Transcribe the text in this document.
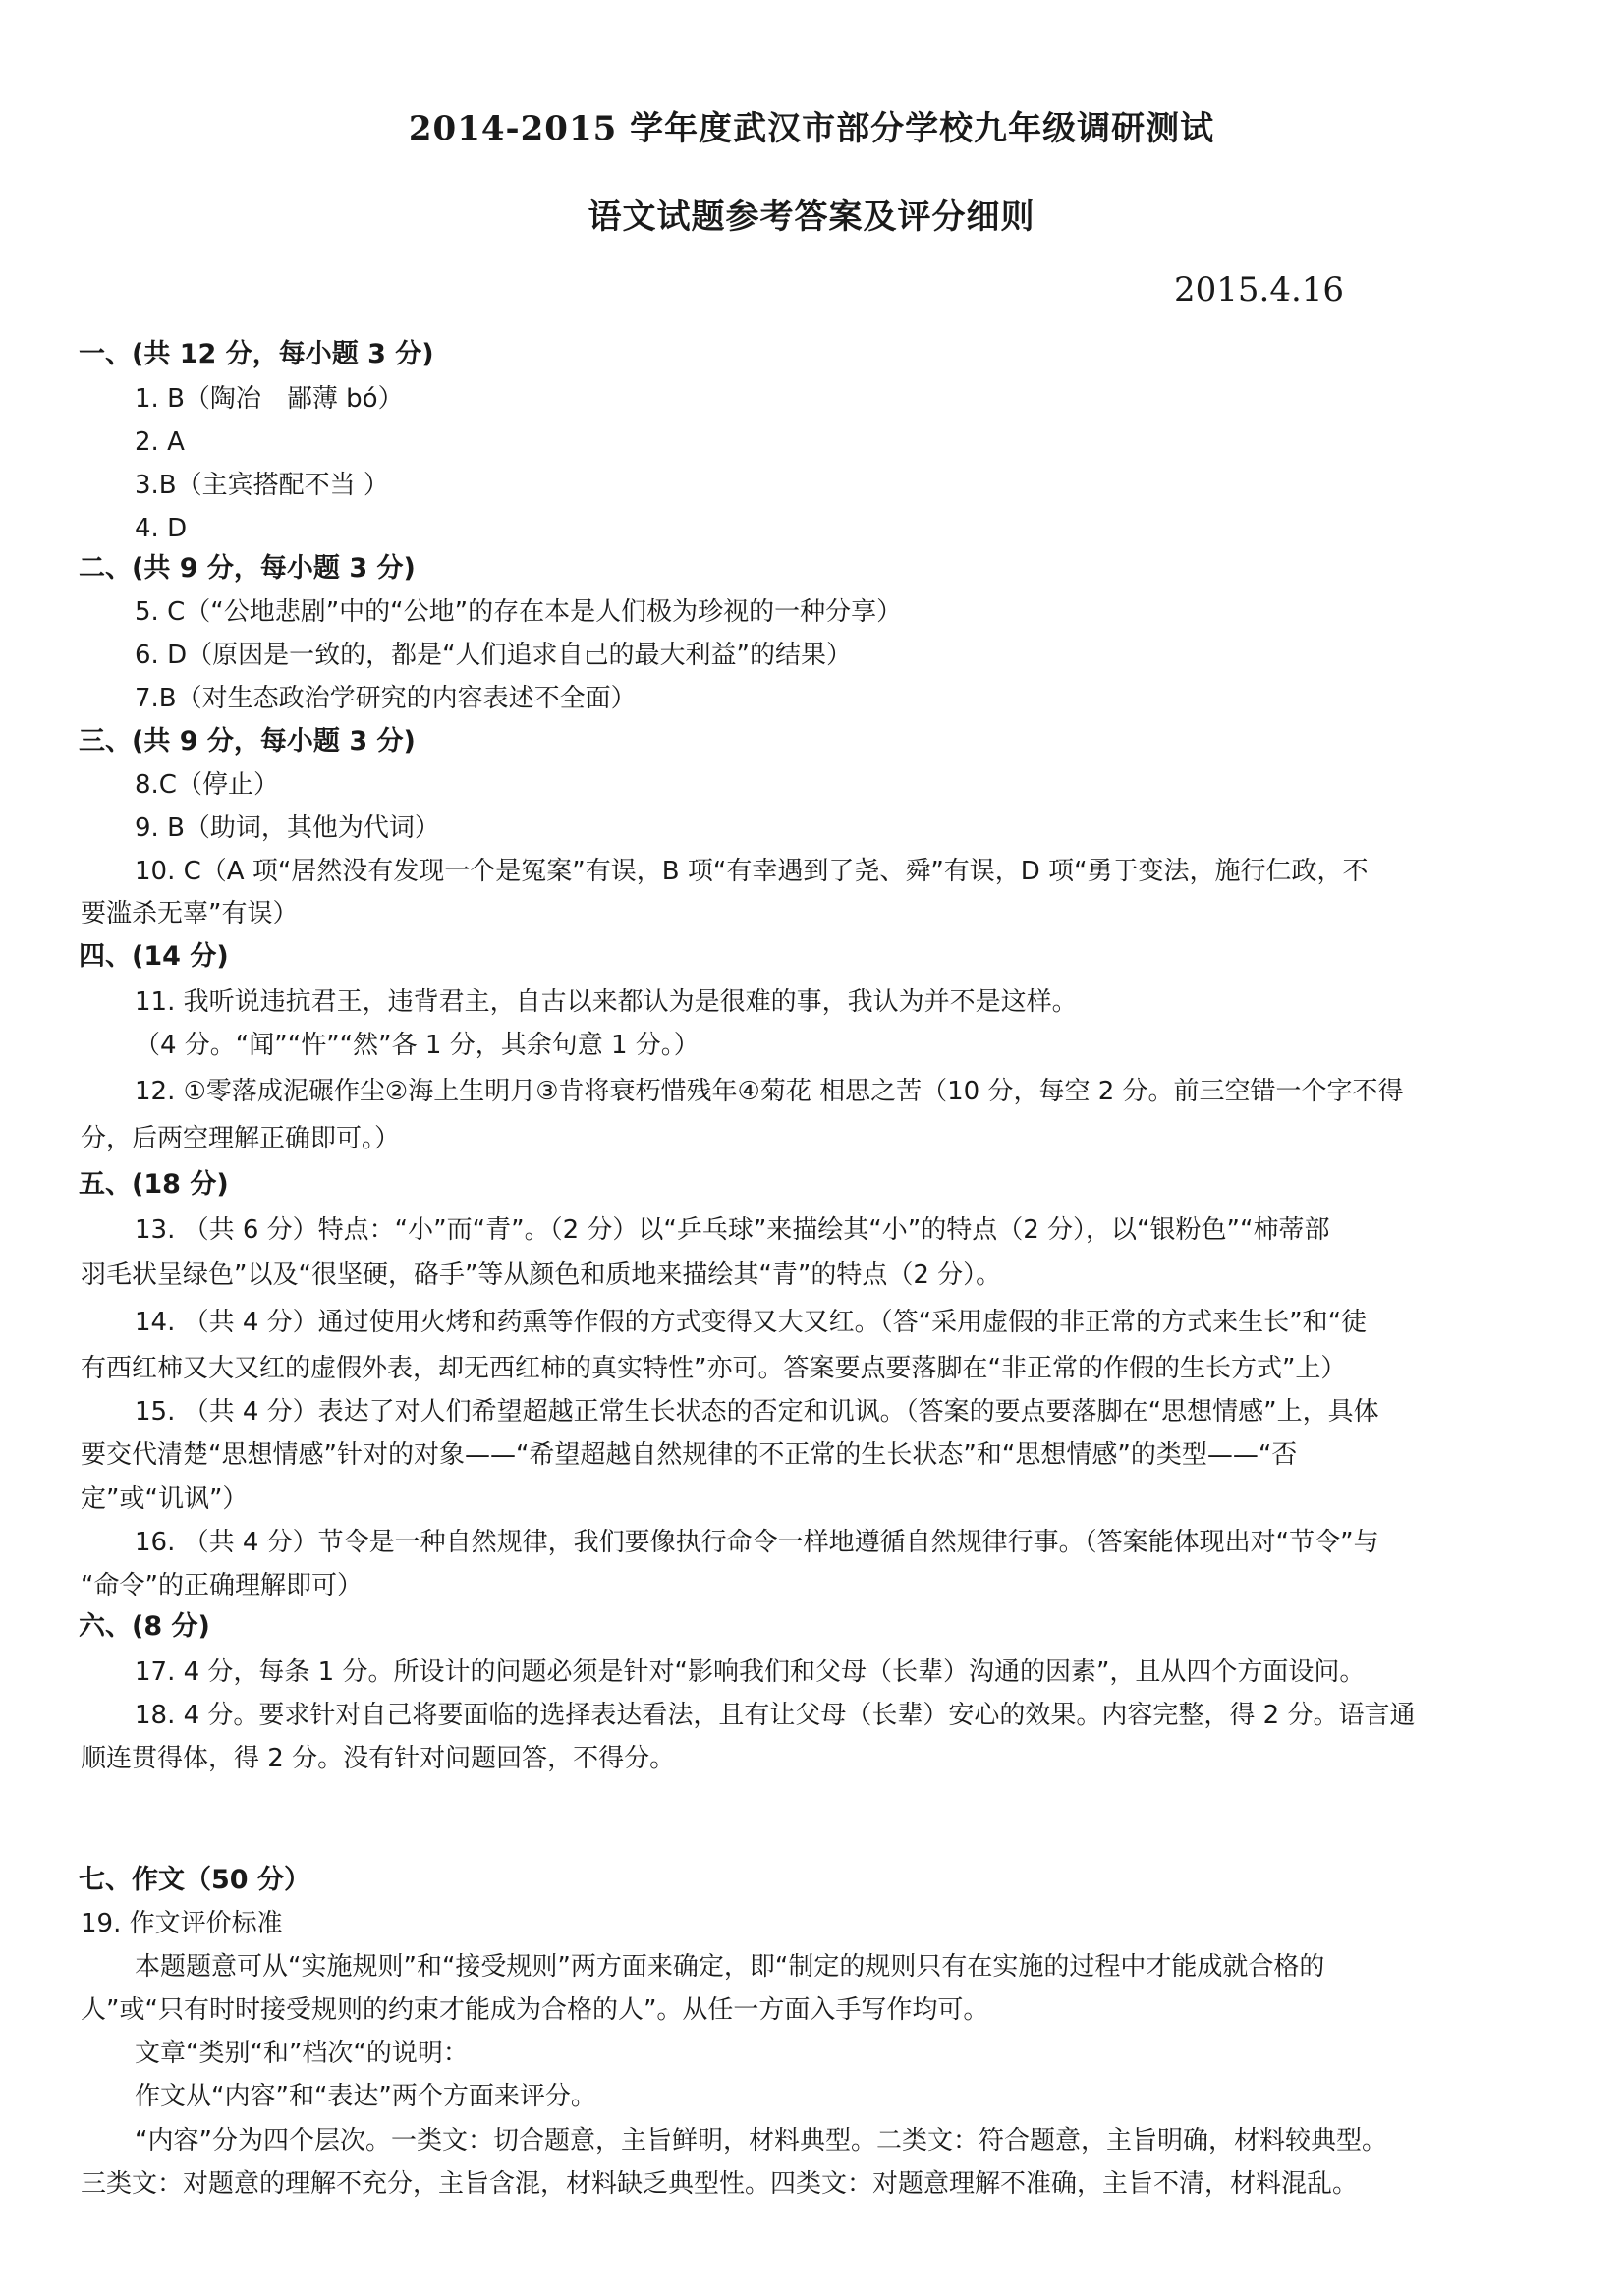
2014-2015 学年度武汉市部分学校九年级调研测试
语文试题参考答案及评分细则
2015.4.16
一、(共 12 分，每小题 3 分)
1. B（陶冶　鄙薄 bó）
2. A
3.B（主宾搭配不当 ）
4. D
二、(共 9 分，每小题 3 分)
5. C（“公地悲剧”中的“公地”的存在本是人们极为珍视的一种分享）
6. D（原因是一致的，都是“人们追求自己的最大利益”的结果）
7.B（对生态政治学研究的内容表述不全面）
三、(共 9 分，每小题 3 分)
8.C（停止）
9. B（助词，其他为代词）
10. C（A 项“居然没有发现一个是冤案”有误，B 项“有幸遇到了尧、舜”有误，D 项“勇于变法，施行仁政，不
要滥杀无辜”有误）
四、(14 分)
11. 我听说违抗君王，违背君主，自古以来都认为是很难的事，我认为并不是这样。
（4 分。“闻”“忤”“然”各 1 分，其余句意 1 分。）
12. ①零落成泥碾作尘②海上生明月③肯将衰朽惜残年④菊花 相思之苦（10 分，每空 2 分。前三空错一个字不得
分，后两空理解正确即可。）
五、(18 分)
13. （共 6 分）特点：“小”而“青”。（2 分）以“乒乓球”来描绘其“小”的特点（2 分），以“银粉色”“柿蒂部
羽毛状呈绿色”以及“很坚硬，硌手”等从颜色和质地来描绘其“青”的特点（2 分）。
14. （共 4 分）通过使用火烤和药熏等作假的方式变得又大又红。（答“采用虚假的非正常的方式来生长”和“徒
有西红柿又大又红的虚假外表，却无西红柿的真实特性”亦可。答案要点要落脚在“非正常的作假的生长方式”上）
15. （共 4 分）表达了对人们希望超越正常生长状态的否定和讥讽。（答案的要点要落脚在“思想情感”上，具体
要交代清楚“思想情感”针对的对象——“希望超越自然规律的不正常的生长状态”和“思想情感”的类型——“否
定”或“讥讽”）
16. （共 4 分）节令是一种自然规律，我们要像执行命令一样地遵循自然规律行事。（答案能体现出对“节令”与
“命令”的正确理解即可）
六、(8 分)
17. 4 分，每条 1 分。所设计的问题必须是针对“影响我们和父母（长辈）沟通的因素”，且从四个方面设问。
18. 4 分。要求针对自己将要面临的选择表达看法，且有让父母（长辈）安心的效果。内容完整，得 2 分。语言通
顺连贯得体，得 2 分。没有针对问题回答，不得分。
七、作文（50 分）
19. 作文评价标准
本题题意可从“实施规则”和“接受规则”两方面来确定，即“制定的规则只有在实施的过程中才能成就合格的
人”或“只有时时接受规则的约束才能成为合格的人”。从任一方面入手写作均可。
文章“类别“和”档次“的说明：
作文从“内容”和“表达”两个方面来评分。
“内容”分为四个层次。一类文：切合题意，主旨鲜明，材料典型。二类文：符合题意，主旨明确，材料较典型。
三类文：对题意的理解不充分，主旨含混，材料缺乏典型性。四类文：对题意理解不准确，主旨不清，材料混乱。
